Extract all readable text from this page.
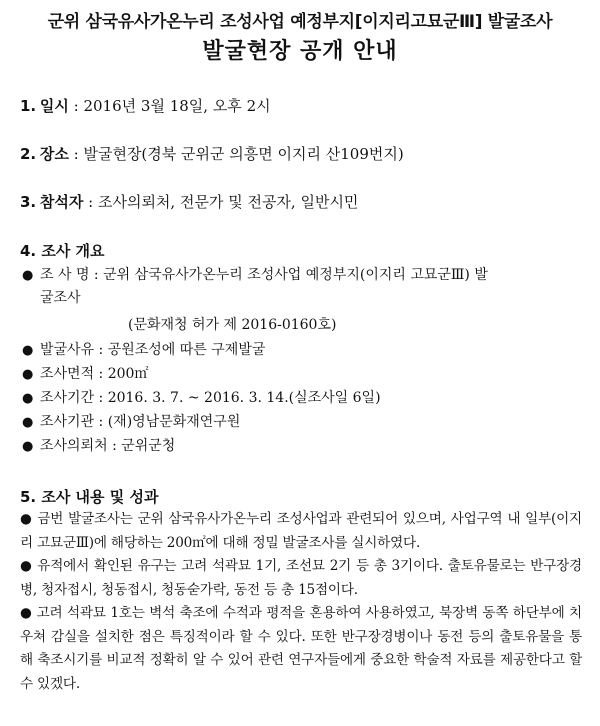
군위 삼국유사가온누리 조성사업 예정부지[이지리고묘군Ⅲ] 발굴조사
발굴현장 공개 안내
1. 일시 : 2016년 3월 18일, 오후 2시
2. 장소 : 발굴현장(경북 군위군 의흥면 이지리 산109번지)
3. 참석자 : 조사의뢰처, 전문가 및 전공자, 일반시민
4. 조사 개요
● 조 사 명 : 군위 삼국유사가온누리 조성사업 예정부지(이지리 고묘군Ⅲ) 발
굴조사
(문화재청 허가 제 2016-0160호)
● 발굴사유 : 공원조성에 따른 구제발굴
● 조사면적 : 200㎡
● 조사기간 : 2016. 3. 7. ~ 2016. 3. 14.(실조사일 6일)
● 조사기관 : (재)영남문화재연구원
● 조사의뢰처 : 군위군청
5. 조사 내용 및 성과
● 금번 발굴조사는 군위 삼국유사가온누리 조성사업과 관련되어 있으며, 사업구역 내 일부(이지리 고묘군Ⅲ)에 해당하는 200㎡에 대해 정밀 발굴조사를 실시하였다.
● 유적에서 확인된 유구는 고려 석곽묘 1기, 조선묘 2기 등 총 3기이다. 출토유물로는 반구장경병, 청자접시, 청동접시, 청동숟가락, 동전 등 총 15점이다.
● 고려 석곽묘 1호는 벽석 축조에 수적과 평적을 혼용하여 사용하였고, 북장벽 동쪽 하단부에 치우쳐 감실을 설치한 점은 특징적이라 할 수 있다. 또한 반구장경병이나 동전 등의 출토유물을 통해 축조시기를 비교적 정확히 알 수 있어 관련 연구자들에게 중요한 학술적 자료를 제공한다고 할 수 있겠다.
